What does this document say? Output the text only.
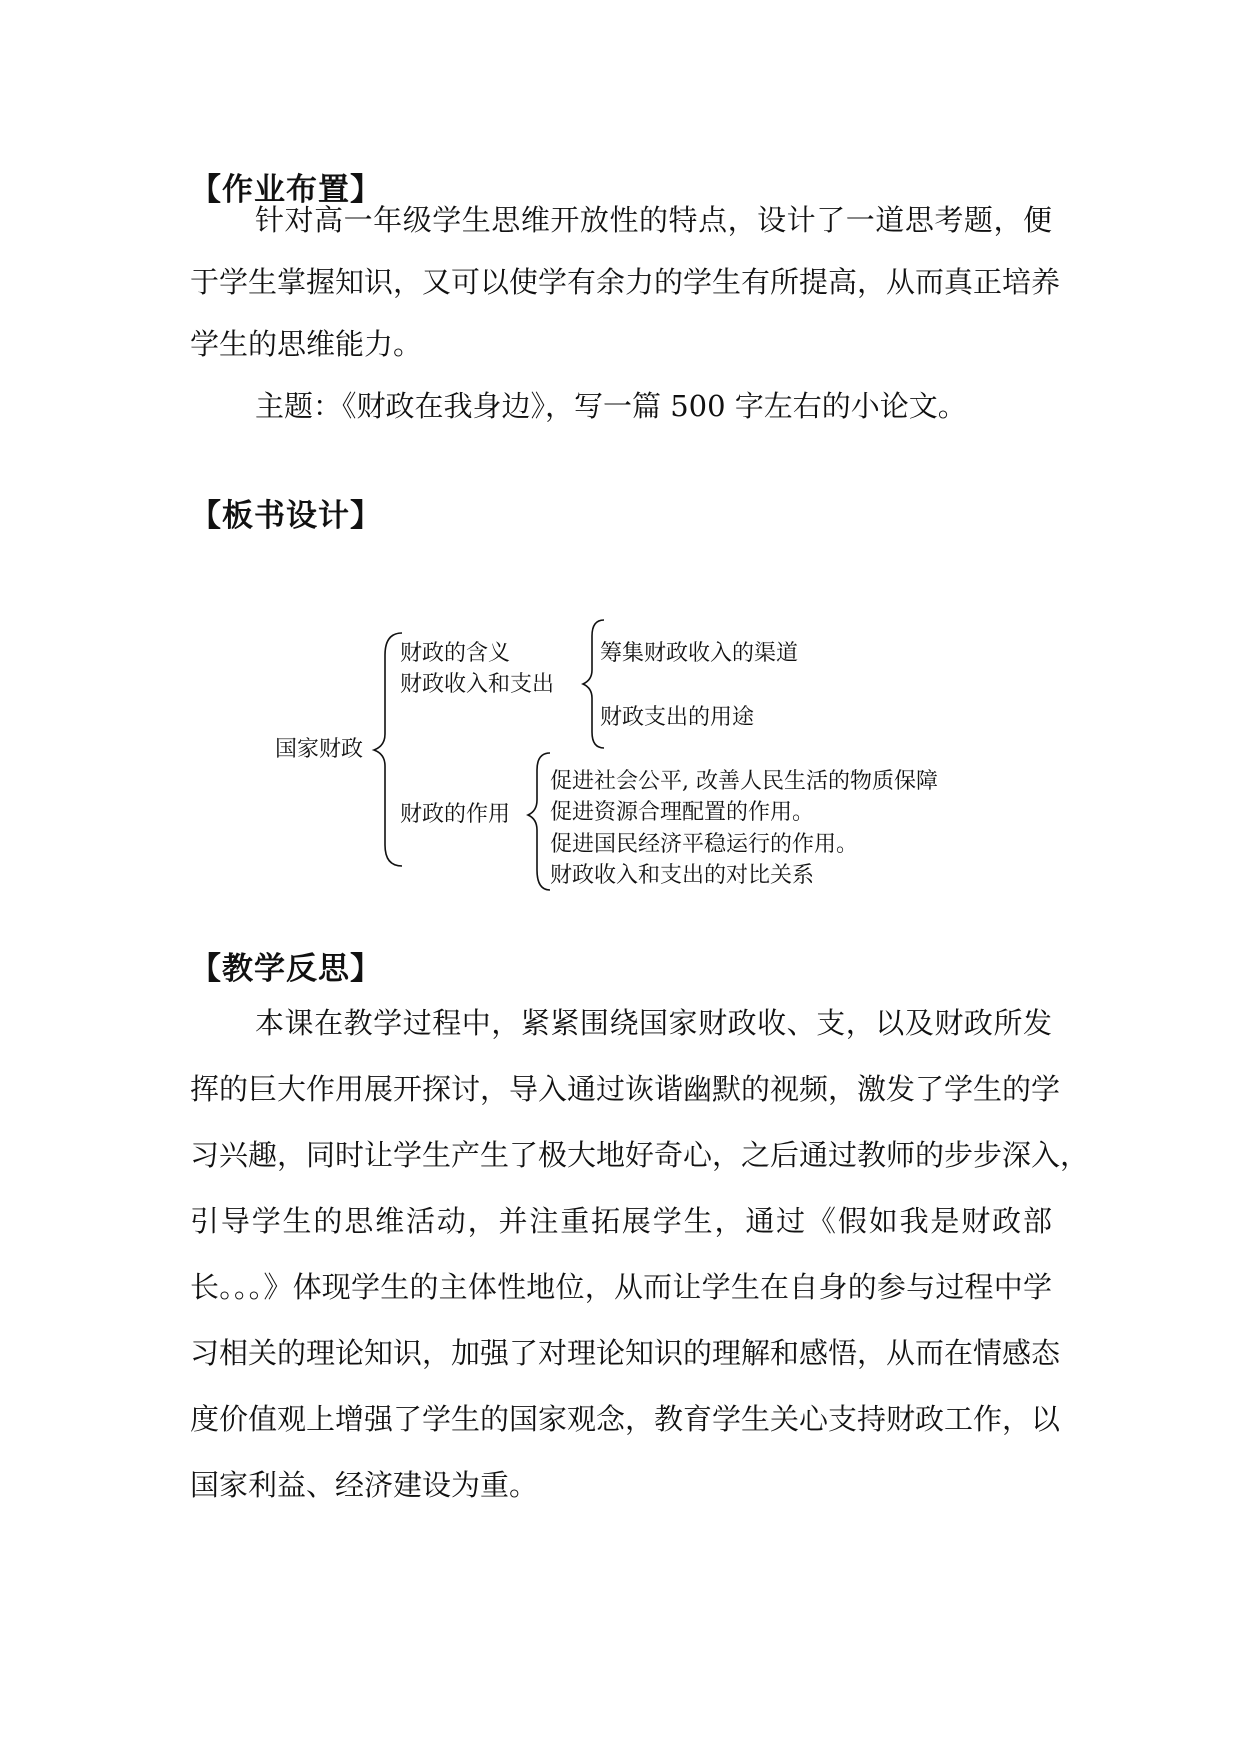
【作业布置】
针对高一年级学生思维开放性的特点，设计了一道思考题，便
于学生掌握知识，又可以使学有余力的学生有所提高，从而真正培养
学生的思维能力。
主题：《财政在我身边》，写一篇 500 字左右的小论文。
【板书设计】
国家财政
财政的含义
财政收入和支出
筹集财政收入的渠道
财政支出的用途
财政的作用
促进社会公平, 改善人民生活的物质保障
促进资源合理配置的作用。
促进国民经济平稳运行的作用。
财政收入和支出的对比关系
【教学反思】
本课在教学过程中，紧紧围绕国家财政收、支，以及财政所发
挥的巨大作用展开探讨，导入通过诙谐幽默的视频，激发了学生的学
习兴趣，同时让学生产生了极大地好奇心，之后通过教师的步步深入，
引导学生的思维活动，并注重拓展学生，通过《假如我是财政部
长。。。》体现学生的主体性地位，从而让学生在自身的参与过程中学
习相关的理论知识，加强了对理论知识的理解和感悟，从而在情感态
度价值观上增强了学生的国家观念，教育学生关心支持财政工作，以
国家利益、经济建设为重。
